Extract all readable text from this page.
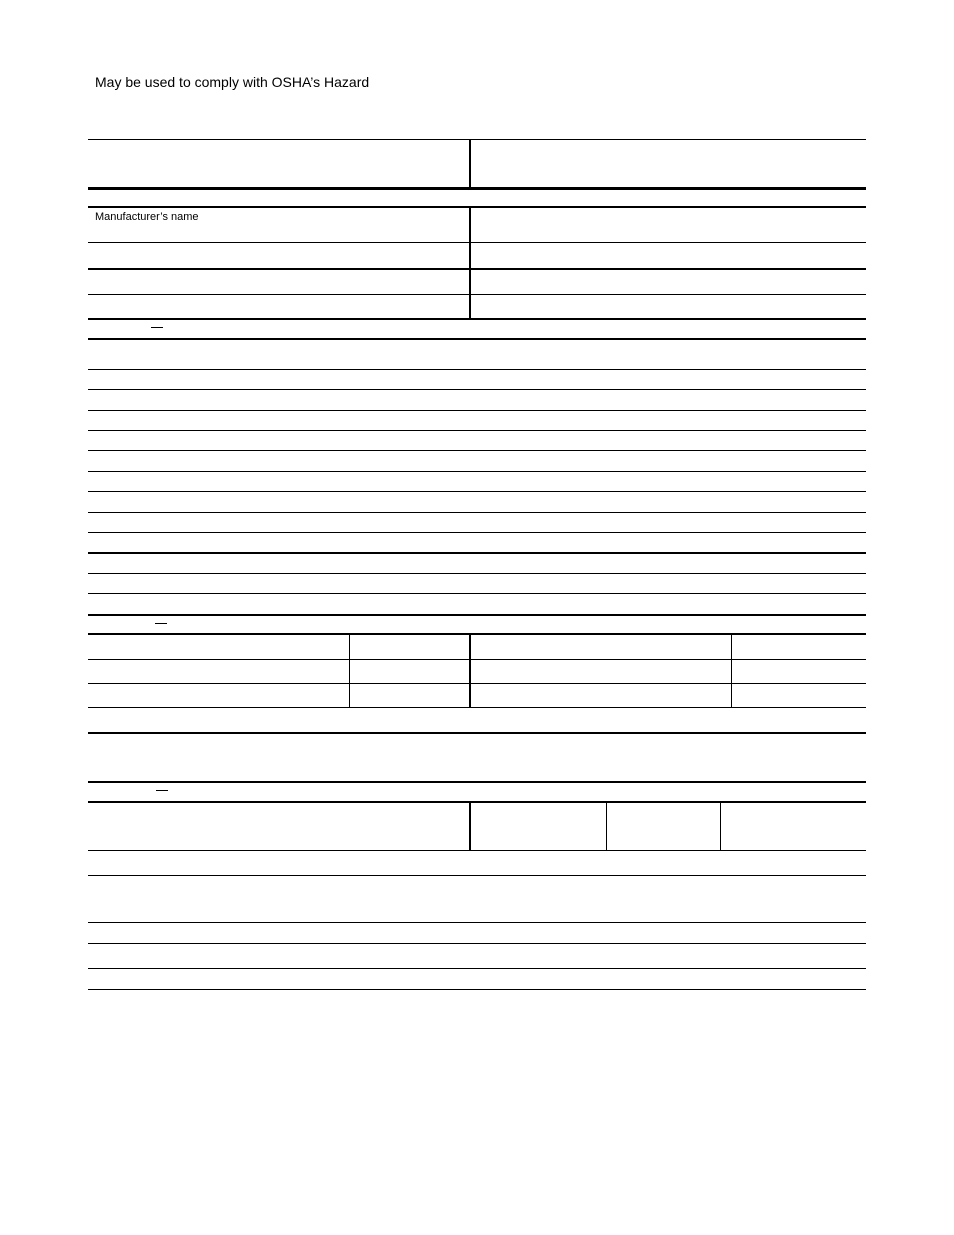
May be used to comply with OSHA’s Hazard
Manufacturer’s name
